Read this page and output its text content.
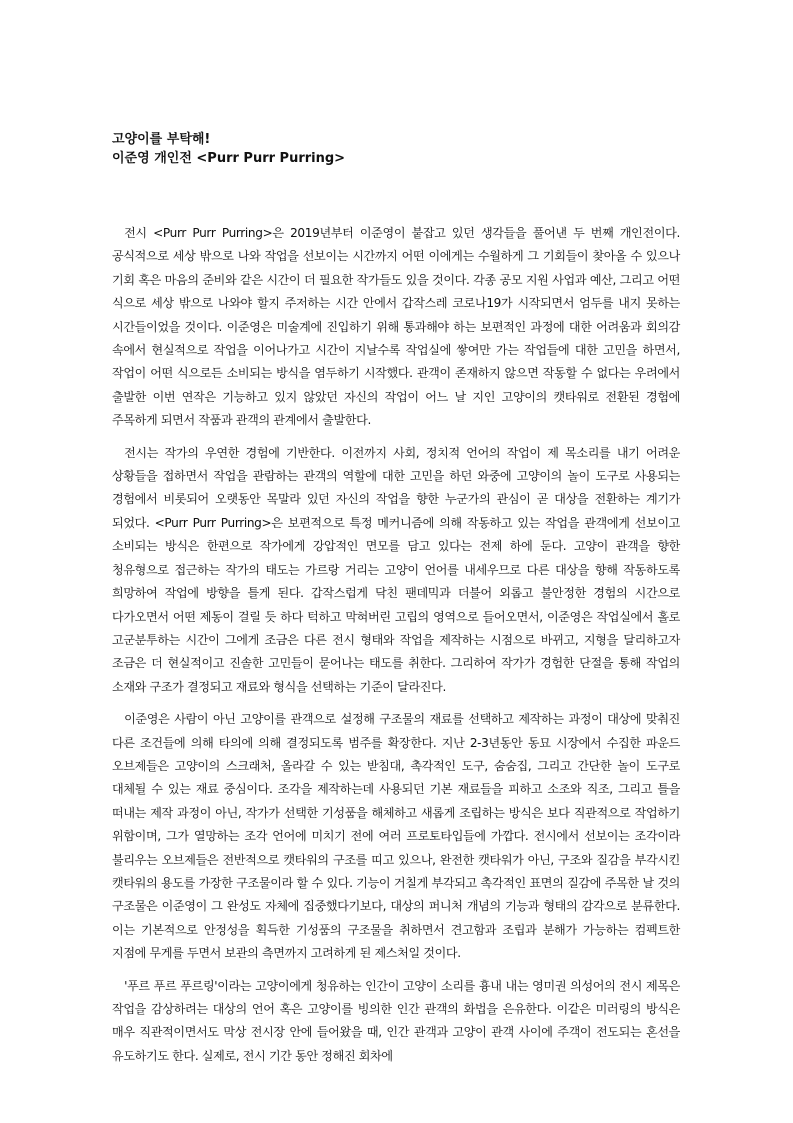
고양이를 부탁해!
이준영 개인전 <Purr Purr Purring>

전시 <Purr Purr Purring>은 2019년부터 이준영이 붙잡고 있던 생각들을 풀어낸 두 번째 개인전이다. 공식적으로 세상 밖으로 나와 작업을 선보이는 시간까지 어떤 이에게는 수월하게 그 기회들이 찾아올 수 있으나 기회 혹은 마음의 준비와 같은 시간이 더 필요한 작가들도 있을 것이다. 각종 공모 지원 사업과 예산, 그리고 어떤 식으로 세상 밖으로 나와야 할지 주저하는 시간 안에서 갑작스레 코로나19가 시작되면서 엄두를 내지 못하는 시간들이었을 것이다. 이준영은 미술계에 진입하기 위해 통과해야 하는 보편적인 과정에 대한 어려움과 회의감 속에서 현실적으로 작업을 이어나가고 시간이 지날수록 작업실에 쌓여만 가는 작업들에 대한 고민을 하면서, 작업이 어떤 식으로든 소비되는 방식을 염두하기 시작했다. 관객이 존재하지 않으면 작동할 수 없다는 우려에서 출발한 이번 연작은 기능하고 있지 않았던 자신의 작업이 어느 날 지인 고양이의 캣타워로 전환된 경험에 주목하게 되면서 작품과 관객의 관계에서 출발한다.

전시는 작가의 우연한 경험에 기반한다. 이전까지 사회, 정치적 언어의 작업이 제 목소리를 내기 어려운 상황들을 접하면서 작업을 관람하는 관객의 역할에 대한 고민을 하던 와중에 고양이의 놀이 도구로 사용되는 경험에서 비롯되어 오랫동안 목말라 있던 자신의 작업을 향한 누군가의 관심이 곧 대상을 전환하는 계기가 되었다. <Purr Purr Purring>은 보편적으로 특정 메커니즘에 의해 작동하고 있는 작업을 관객에게 선보이고 소비되는 방식은 한편으로 작가에게 강압적인 면모를 담고 있다는 전제 하에 둔다. 고양이 관객을 향한 청유형으로 접근하는 작가의 태도는 가르랑 거리는 고양이 언어를 내세우므로 다른 대상을 향해 작동하도록 희망하여 작업에 방향을 틀게 된다. 갑작스럽게 닥친 팬데믹과 더불어 외롭고 불안정한 경험의 시간으로 다가오면서 어떤 제동이 걸릴 듯 하다 턱하고 막혀버린 고립의 영역으로 들어오면서, 이준영은 작업실에서 홀로 고군분투하는 시간이 그에게 조금은 다른 전시 형태와 작업을 제작하는 시점으로 바뀌고, 지형을 달리하고자 조금은 더 현실적이고 진솔한 고민들이 묻어나는 태도를 취한다. 그리하여 작가가 경험한 단절을 통해 작업의 소재와 구조가 결정되고 재료와 형식을 선택하는 기준이 달라진다.

이준영은 사람이 아닌 고양이를 관객으로 설정해 구조물의 재료를 선택하고 제작하는 과정이 대상에 맞춰진 다른 조건들에 의해 타의에 의해 결정되도록 범주를 확장한다. 지난 2-3년동안 동묘 시장에서 수집한 파운드 오브제들은 고양이의 스크래처, 올라갈 수 있는 받침대, 촉각적인 도구, 숨숨집, 그리고 간단한 놀이 도구로 대체될 수 있는 재료 중심이다. 조각을 제작하는데 사용되던 기본 재료들을 피하고 소조와 직조, 그리고 틀을 떠내는 제작 과정이 아닌, 작가가 선택한 기성품을 해체하고 새롭게 조립하는 방식은 보다 직관적으로 작업하기 위함이며, 그가 열망하는 조각 언어에 미치기 전에 여러 프로토타입들에 가깝다. 전시에서 선보이는 조각이라 불리우는 오브제들은 전반적으로 캣타워의 구조를 띠고 있으나, 완전한 캣타워가 아닌, 구조와 질감을 부각시킨 캣타워의 용도를 가장한 구조물이라 할 수 있다. 기능이 거칠게 부각되고 촉각적인 표면의 질감에 주목한 날 것의 구조물은 이준영이 그 완성도 자체에 집중했다기보다, 대상의 퍼니처 개념의 기능과 형태의 감각으로 분류한다. 이는 기본적으로 안정성을 획득한 기성품의 구조물을 취하면서 견고함과 조립과 분해가 가능하는 컴펙트한 지점에 무게를 두면서 보관의 측면까지 고려하게 된 제스처일 것이다.

'푸르 푸르 푸르링'이라는 고양이에게 청유하는 인간이 고양이 소리를 흉내 내는 영미권 의성어의 전시 제목은 작업을 감상하려는 대상의 언어 혹은 고양이를 빙의한 인간 관객의 화법을 은유한다. 이같은 미러링의 방식은 매우 직관적이면서도 막상 전시장 안에 들어왔을 때, 인간 관객과 고양이 관객 사이에 주객이 전도되는 혼선을 유도하기도 한다. 실제로, 전시 기간 동안 정해진 회차에
